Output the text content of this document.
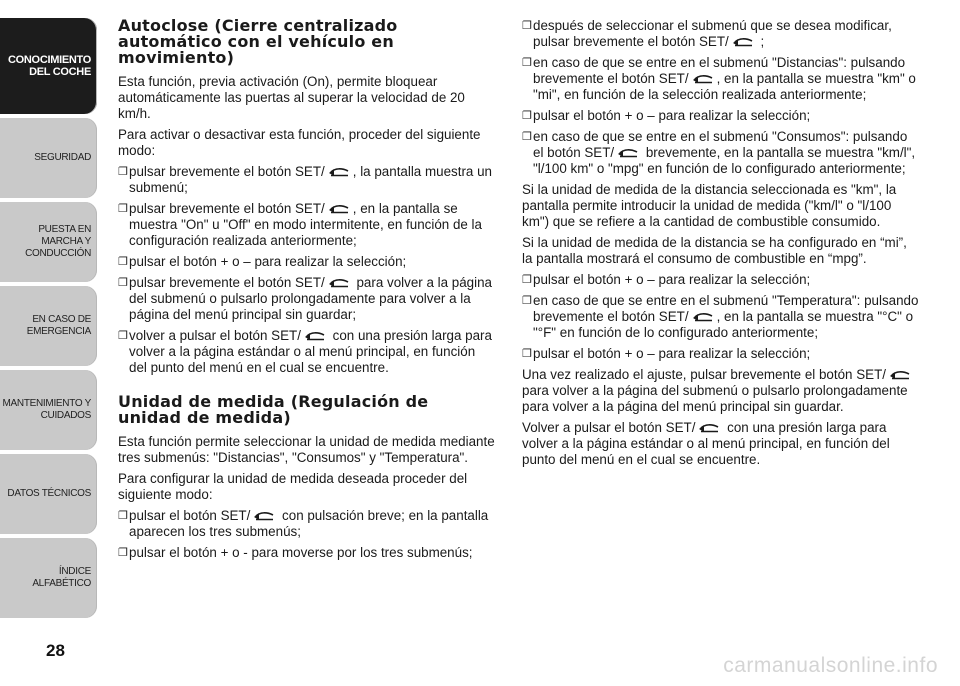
CONOCIMIENTO DEL COCHE
SEGURIDAD
PUESTA EN MARCHA Y CONDUCCIÓN
EN CASO DE EMERGENCIA
MANTENIMIENTO Y CUIDADOS
DATOS TÉCNICOS
ÍNDICE ALFABÉTICO
28
Autoclose (Cierre centralizado automático con el vehículo en movimiento)

Esta función, previa activación (On), permite bloquear automáticamente las puertas al superar la velocidad de 20 km/h.

Para activar o desactivar esta función, proceder del siguiente modo:

❐ pulsar brevemente el botón SET/ , la pantalla muestra un submenú;
❐ pulsar brevemente el botón SET/ , en la pantalla se muestra "On" u "Off" en modo intermitente, en función de la configuración realizada anteriormente;
❐ pulsar el botón + o – para realizar la selección;
❐ pulsar brevemente el botón SET/
para volver a la página del submenú o pulsarlo prolongadamente para volver a la página del menú principal sin guardar;
❐ volver a pulsar el botón SET/
con una presión larga para volver a la página estándar o al menú principal, en función del punto del menú en el cual se encuentre.
Unidad de medida (Regulación de unidad de medida)

Esta función permite seleccionar la unidad de medida mediante tres submenús: "Distancias", "Consumos" y "Temperatura".

Para configurar la unidad de medida deseada proceder del siguiente modo:

❐ pulsar el botón SET/
con pulsación breve; en la pantalla aparecen los tres submenús;
❐ pulsar el botón + o - para moverse por los tres submenús;
❐ después de seleccionar el submenú que se desea modificar, pulsar brevemente el botón SET/
;
❐ en caso de que se entre en el submenú "Distancias": pulsando brevemente el botón SET/ , en la pantalla se muestra "km" o "mi", en función de la selección realizada anteriormente;
❐ pulsar el botón + o – para realizar la selección;
❐ en caso de que se entre en el submenú "Consumos": pulsando el botón SET/
brevemente, en la pantalla se muestra "km/l", "l/100 km" o "mpg" en función de lo configurado anteriormente;

Si la unidad de medida de la distancia seleccionada es "km", la pantalla permite introducir la unidad de medida ("km/l" o "l/100 km") que se refiere a la cantidad de combustible consumido.

Si la unidad de medida de la distancia se ha configurado en “mi”, la pantalla mostrará el consumo de combustible en “mpg”.

❐ pulsar el botón + o – para realizar la selección;
❐ en caso de que se entre en el submenú "Temperatura": pulsando brevemente el botón SET/ , en la pantalla se muestra "°C" o "°F" en función de lo configurado anteriormente;
❐ pulsar el botón + o – para realizar la selección;

Una vez realizado el ajuste, pulsar brevemente el botón SET/
para volver a la página del submenú o pulsarlo prolongadamente para volver a la página del menú principal sin guardar.

Volver a pulsar el botón SET/
con una presión larga para volver a la página estándar o al menú principal, en función del punto del menú en el cual se encuentre.

carmanualsonline.info
